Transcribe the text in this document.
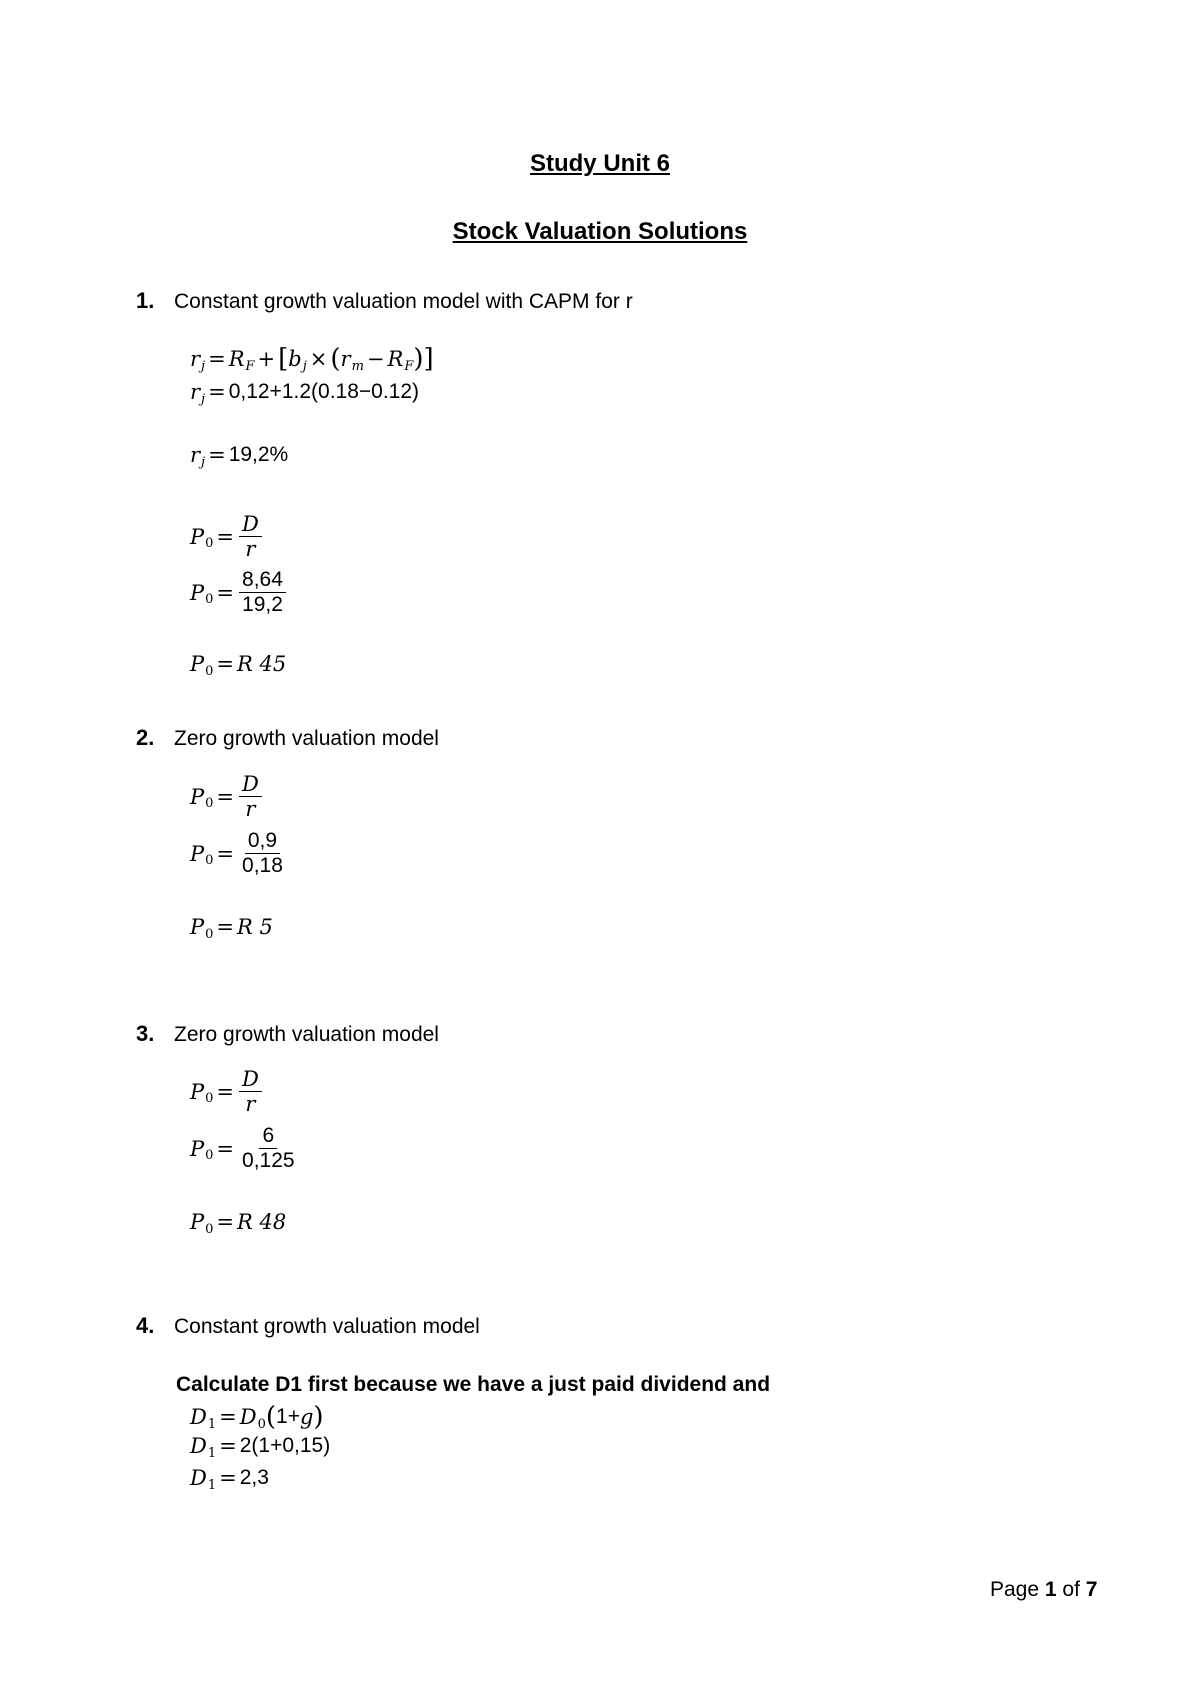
Study Unit 6
Stock Valuation Solutions
1. Constant growth valuation model with CAPM for r
r j = R F + [ b j × ( r m − R F )]
r j = 0,12+1.2(0.18−0.12)
r j = 19,2%
P $0 = \frac{D}{r}$
P $0 = \frac{8,64}{19,2}$
P 0 = R 45
2. Zero growth valuation model
P $0 = \frac{D}{r}$
P $0 = \frac{0,9}{0,18}$
P 0 = R 5
3. Zero growth valuation model
P $0 = \frac{D}{r}$
P $0 = \frac{6}{0,125}$
P 0 = R 48
4. Constant growth valuation model
Calculate D1 first because we have a just paid dividend and
D 1 = D 0 ( 1+ g )
D 1 = 2(1+0,15)
D 1 = 2,3
Page 1 of 7
